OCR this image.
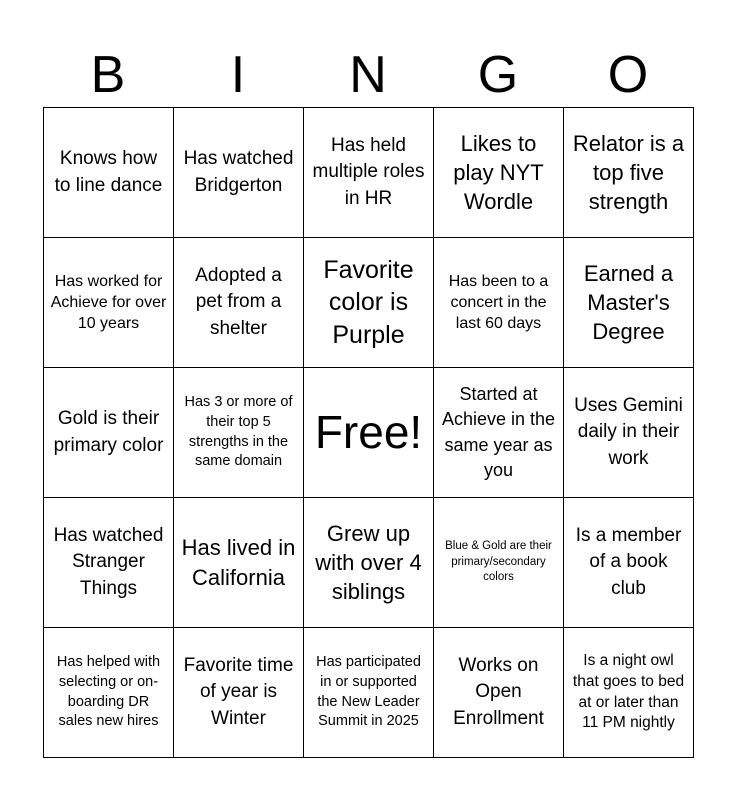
B	I	N	G	O
Knows how to line dance
Has watched Bridgerton
Has held multiple roles in HR
Likes to play NYT Wordle
Relator is a top five strength
Has worked for Achieve for over 10 years
Adopted a pet from a shelter
Favorite color is Purple
Has been to a concert in the last 60 days
Earned a Master's Degree
Gold is their primary color
Has 3 or more of their top 5 strengths in the same domain
Free!
Started at Achieve in the same year as you
Uses Gemini daily in their work
Has watched Stranger Things
Has lived in California
Grew up with over 4 siblings
Blue & Gold are their primary/secondary colors
Is a member of a book club
Has helped with selecting or on-boarding DR sales new hires
Favorite time of year is Winter
Has participated in or supported the New Leader Summit in 2025
Works on Open Enrollment
Is a night owl that goes to bed at or later than 11 PM nightly
